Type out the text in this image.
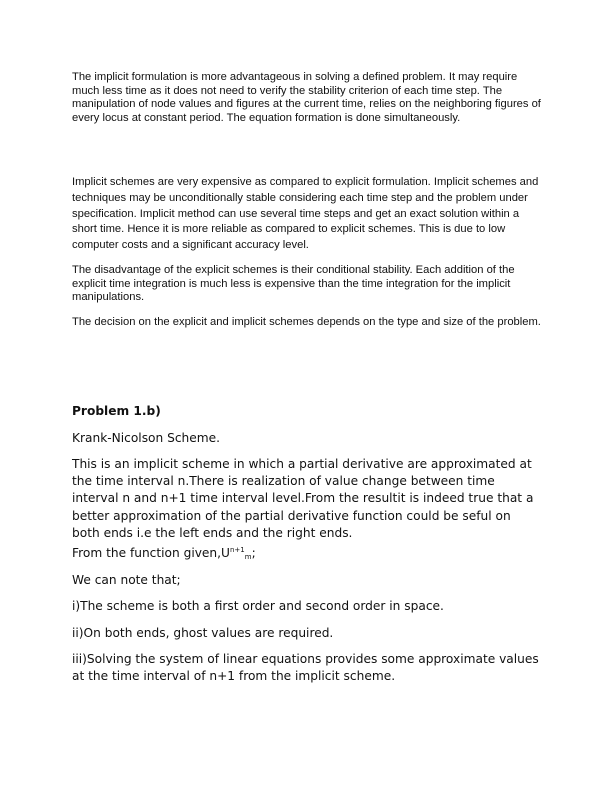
The implicit formulation is more advantageous in solving a defined problem. It may require much less time as it does not need to verify the stability criterion of each time step. The manipulation of node values and figures at the current time, relies on the neighboring figures of every locus at constant period. The equation formation is done simultaneously.

Implicit schemes are very expensive as compared to explicit formulation. Implicit schemes and techniques may be unconditionally stable considering each time step and the problem under specification. Implicit method can use several time steps and get an exact solution within a short time. Hence it is more reliable as compared to explicit schemes. This is due to low computer costs and a significant accuracy level.

The disadvantage of the explicit schemes is their conditional stability. Each addition of the explicit time integration is much less is expensive than the time integration for the implicit manipulations.

The decision on the explicit and implicit schemes depends on the type and size of the problem.

Problem 1.b)

Krank-Nicolson Scheme.

This is an implicit scheme in which a partial derivative are approximated at the time interval n.There is realization of value change between time interval n and n+1 time interval level.From the resultit is indeed true that a better approximation of the partial derivative function could be seful on both ends i.e the left ends and the right ends.

From the function $given,U^{n+1}_m$;

We can note that;

i)The scheme is both a first order and second order in space.

ii)On both ends, ghost values are required.

iii)Solving the system of linear equations provides some approximate values at the time interval of n+1 from the implicit scheme.
